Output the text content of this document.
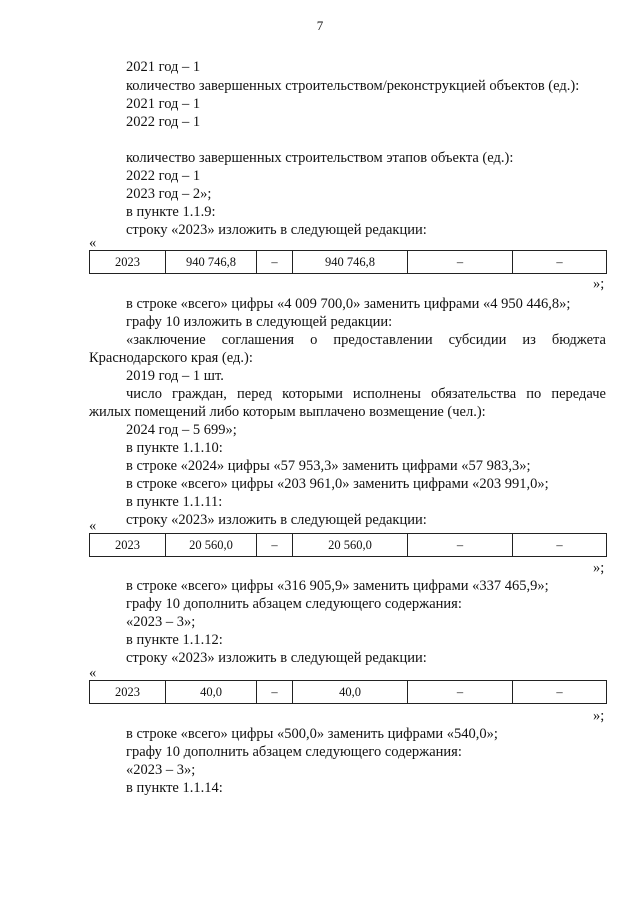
7
2021 год – 1
количество завершенных строительством/реконструкцией объектов (ед.):
2021 год – 1
2022 год – 1
количество завершенных строительством этапов объекта (ед.):
2022 год – 1
2023 год – 2»;
в пункте 1.1.9:
строку «2023» изложить в следующей редакции:
«
2023	940 746,8	–	940 746,8	–	–
»;
в строке «всего» цифры «4 009 700,0» заменить цифрами «4 950 446,8»;
графу 10 изложить в следующей редакции:
«заключение соглашения о предоставлении субсидии из бюджета
Краснодарского края (ед.):
2019 год – 1 шт.
число граждан, перед которыми исполнены обязательства по передаче
жилых помещений либо которым выплачено возмещение (чел.):
2024 год – 5 699»;
в пункте 1.1.10:
в строке «2024» цифры «57 953,3» заменить цифрами «57 983,3»;
в строке «всего» цифры «203 961,0» заменить цифрами «203 991,0»;
в пункте 1.1.11:
строку «2023» изложить в следующей редакции:
«
2023	20 560,0	–	20 560,0	–	–
»;
в строке «всего» цифры «316 905,9» заменить цифрами «337 465,9»;
графу 10 дополнить абзацем следующего содержания:
«2023 – 3»;
в пункте 1.1.12:
строку «2023» изложить в следующей редакции:
«
2023	40,0	–	40,0	–	–
»;
в строке «всего» цифры «500,0» заменить цифрами «540,0»;
графу 10 дополнить абзацем следующего содержания:
«2023 – 3»;
в пункте 1.1.14:
